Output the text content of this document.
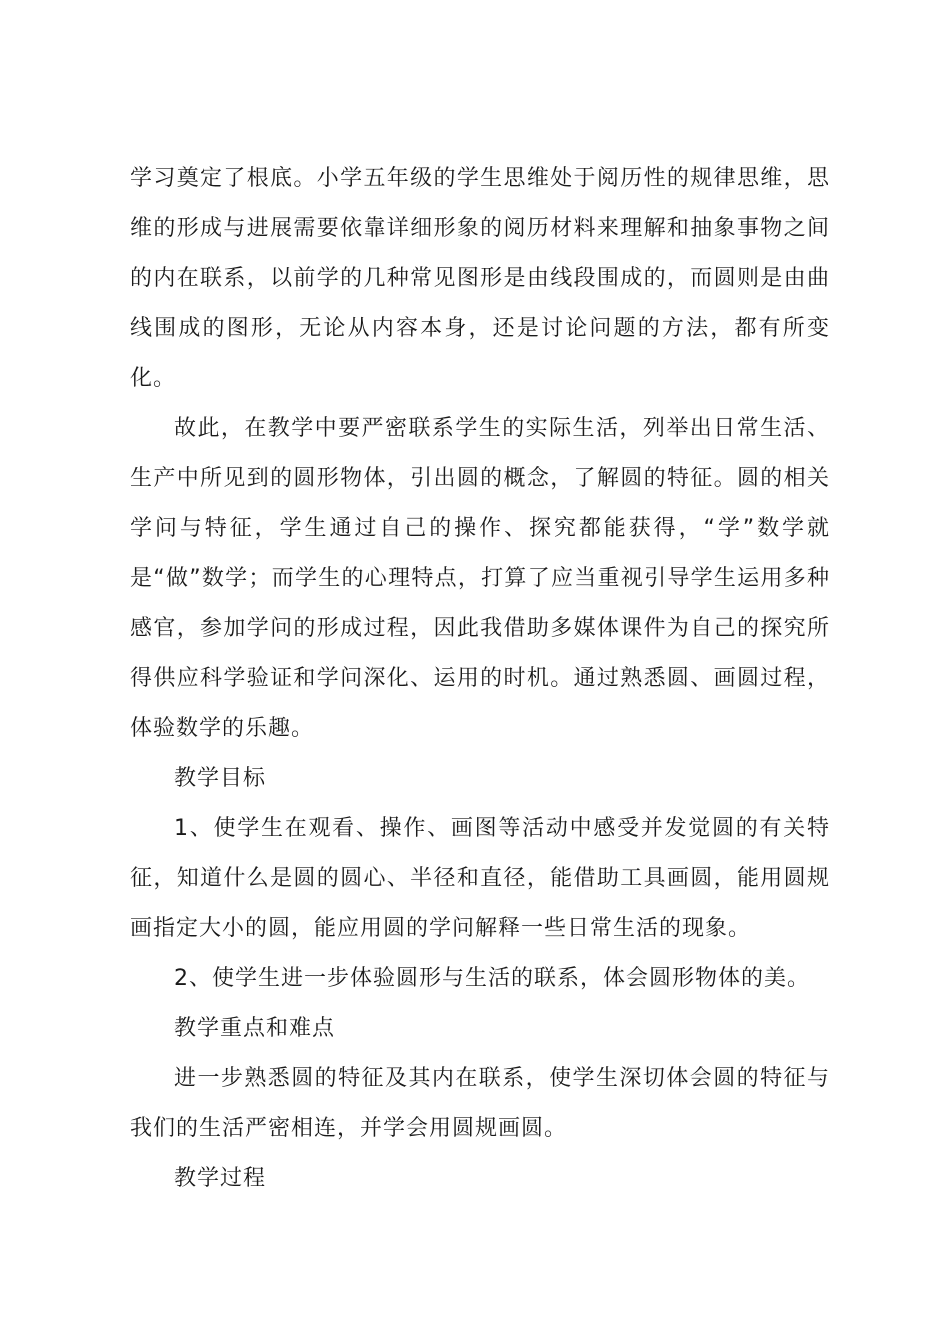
学习奠定了根底。小学五年级的学生思维处于阅历性的规律思维，思维的形成与进展需要依靠详细形象的阅历材料来理解和抽象事物之间的内在联系，以前学的几种常见图形是由线段围成的，而圆则是由曲线围成的图形，无论从内容本身，还是讨论问题的方法，都有所变化。

故此，在教学中要严密联系学生的实际生活，列举出日常生活、生产中所见到的圆形物体，引出圆的概念，了解圆的特征。圆的相关学问与特征，学生通过自己的操作、探究都能获得，“学”数学就是“做”数学；而学生的心理特点，打算了应当重视引导学生运用多种感官，参加学问的形成过程，因此我借助多媒体课件为自己的探究所得供应科学验证和学问深化、运用的时机。通过熟悉圆、画圆过程，体验数学的乐趣。

教学目标

1、使学生在观看、操作、画图等活动中感受并发觉圆的有关特征，知道什么是圆的圆心、半径和直径，能借助工具画圆，能用圆规画指定大小的圆，能应用圆的学问解释一些日常生活的现象。

2、使学生进一步体验圆形与生活的联系，体会圆形物体的美。

教学重点和难点

进一步熟悉圆的特征及其内在联系，使学生深切体会圆的特征与我们的生活严密相连，并学会用圆规画圆。

教学过程
